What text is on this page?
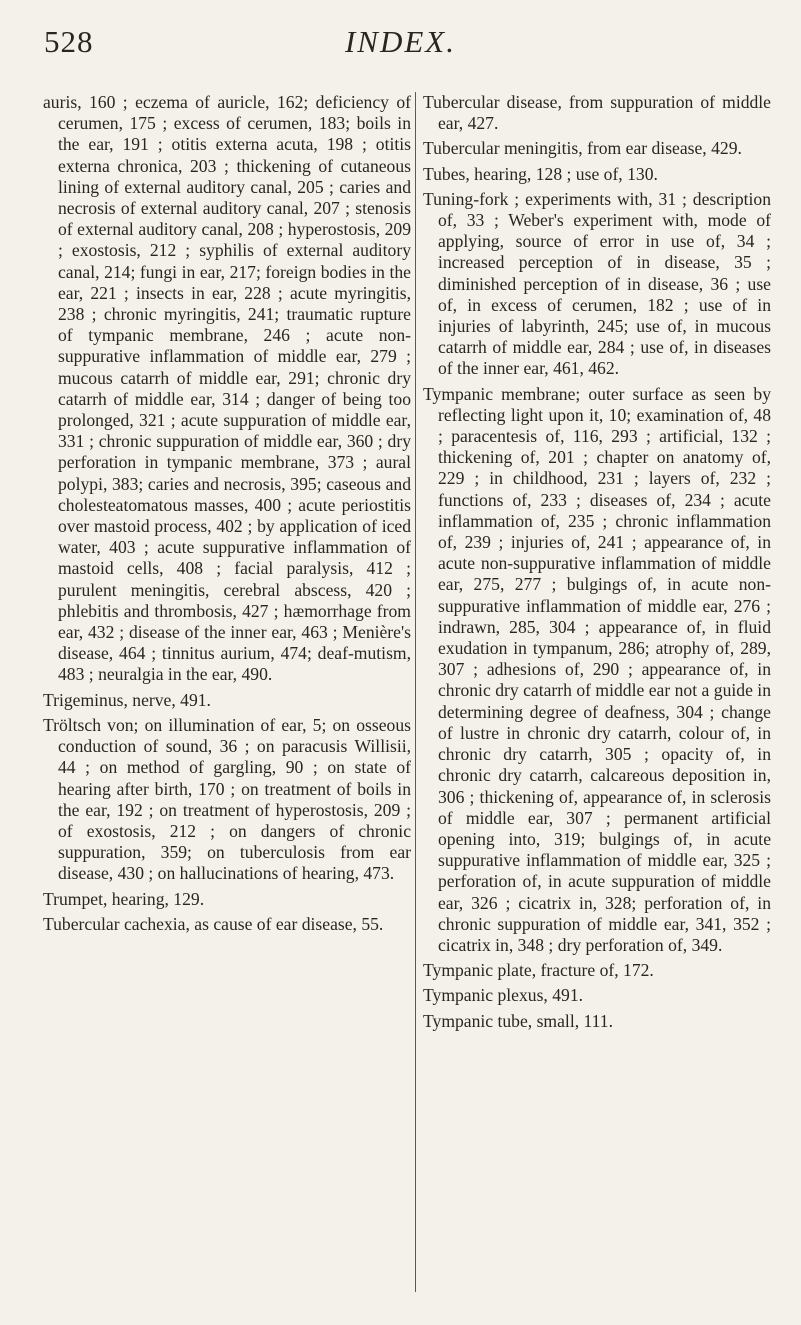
528	INDEX.

auris, 160 ; eczema of auricle, 162; deficiency of cerumen, 175 ; excess of cerumen, 183; boils in the ear, 191 ; otitis externa acuta, 198 ; otitis externa chronica, 203 ; thickening of cutaneous lining of external auditory canal, 205 ; caries and necrosis of external auditory canal, 207 ; stenosis of external auditory canal, 208 ; hyperostosis, 209 ; exostosis, 212 ; syphilis of external auditory canal, 214; fungi in ear, 217; foreign bodies in the ear, 221 ; insects in ear, 228 ; acute myringitis, 238 ; chronic myringitis, 241; traumatic rupture of tympanic membrane, 246 ; acute non-suppurative inflammation of middle ear, 279 ; mucous catarrh of middle ear, 291; chronic dry catarrh of middle ear, 314 ; danger of being too prolonged, 321 ; acute suppuration of middle ear, 331 ; chronic suppuration of middle ear, 360 ; dry perforation in tympanic membrane, 373 ; aural polypi, 383; caries and necrosis, 395; caseous and cholesteatomatous masses, 400 ; acute periostitis over mastoid process, 402 ; by application of iced water, 403 ; acute suppurative inflammation of mastoid cells, 408 ; facial paralysis, 412 ; purulent meningitis, cerebral abscess, 420 ; phlebitis and thrombosis, 427 ; hæmorrhage from ear, 432 ; disease of the inner ear, 463 ; Menière's disease, 464 ; tinnitus aurium, 474; deaf-mutism, 483 ; neuralgia in the ear, 490.

Trigeminus, nerve, 491.

Tröltsch von; on illumination of ear, 5; on osseous conduction of sound, 36 ; on paracusis Willisii, 44 ; on method of gargling, 90 ; on state of hearing after birth, 170 ; on treatment of boils in the ear, 192 ; on treatment of hyperostosis, 209 ; of exostosis, 212 ; on dangers of chronic suppuration, 359; on tuberculosis from ear disease, 430 ; on hallucinations of hearing, 473.

Trumpet, hearing, 129.

Tubercular cachexia, as cause of ear disease, 55.

Tubercular disease, from suppuration of middle ear, 427.

Tubercular meningitis, from ear disease, 429.

Tubes, hearing, 128 ; use of, 130.

Tuning-fork ; experiments with, 31 ; description of, 33 ; Weber's experiment with, mode of applying, source of error in use of, 34 ; increased perception of in disease, 35 ; diminished perception of in disease, 36 ; use of, in excess of cerumen, 182 ; use of in injuries of labyrinth, 245; use of, in mucous catarrh of middle ear, 284 ; use of, in diseases of the inner ear, 461, 462.

Tympanic membrane; outer surface as seen by reflecting light upon it, 10; examination of, 48 ; paracentesis of, 116, 293 ; artificial, 132 ; thickening of, 201 ; chapter on anatomy of, 229 ; in childhood, 231 ; layers of, 232 ; functions of, 233 ; diseases of, 234 ; acute inflammation of, 235 ; chronic inflammation of, 239 ; injuries of, 241 ; appearance of, in acute non-suppurative inflammation of middle ear, 275, 277 ; bulgings of, in acute non-suppurative inflammation of middle ear, 276 ; indrawn, 285, 304 ; appearance of, in fluid exudation in tympanum, 286; atrophy of, 289, 307 ; adhesions of, 290 ; appearance of, in chronic dry catarrh of middle ear not a guide in determining degree of deafness, 304 ; change of lustre in chronic dry catarrh, colour of, in chronic dry catarrh, 305 ; opacity of, in chronic dry catarrh, calcareous deposition in, 306 ; thickening of, appearance of, in sclerosis of middle ear, 307 ; permanent artificial opening into, 319; bulgings of, in acute suppurative inflammation of middle ear, 325 ; perforation of, in acute suppuration of middle ear, 326 ; cicatrix in, 328; perforation of, in chronic suppuration of middle ear, 341, 352 ; cicatrix in, 348 ; dry perforation of, 349.

Tympanic plate, fracture of, 172.

Tympanic plexus, 491.

Tympanic tube, small, 111.
